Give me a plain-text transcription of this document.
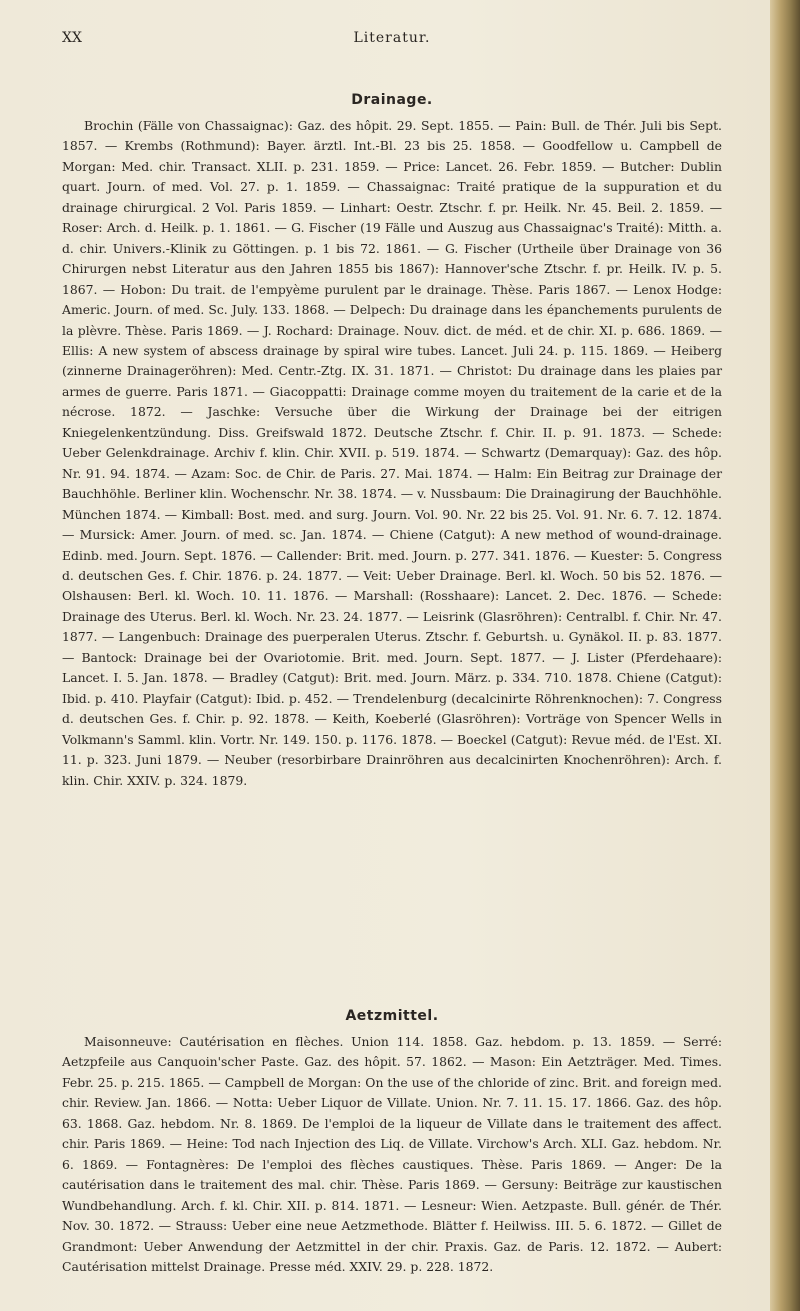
XX	Literatur.
Drainage.

Brochin (Fälle von Chassaignac): Gaz. des hôpit. 29. Sept. 1855. — Pain: Bull. de Thér. Juli bis Sept. 1857. — Krembs (Rothmund): Bayer. ärztl. Int.-Bl. 23 bis 25. 1858. — Goodfellow u. Campbell de Morgan: Med. chir. Transact. XLII. p. 231. 1859. — Price: Lancet. 26. Febr. 1859. — Butcher: Dublin quart. Journ. of med. Vol. 27. p. 1. 1859. — Chassaignac: Traité pratique de la suppuration et du drainage chirurgical. 2 Vol. Paris 1859. — Linhart: Oestr. Ztschr. f. pr. Heilk. Nr. 45. Beil. 2. 1859. — Roser: Arch. d. Heilk. p. 1. 1861. — G. Fischer (19 Fälle und Auszug aus Chassaignac's Traité): Mitth. a. d. chir. Univers.-Klinik zu Göttingen. p. 1 bis 72. 1861. — G. Fischer (Urtheile über Drainage von 36 Chirurgen nebst Literatur aus den Jahren 1855 bis 1867): Hannover'sche Ztschr. f. pr. Heilk. IV. p. 5. 1867. — Hobon: Du trait. de l'empyème purulent par le drainage. Thèse. Paris 1867. — Lenox Hodge: Americ. Journ. of med. Sc. July. 133. 1868. — Delpech: Du drainage dans les épanchements purulents de la plèvre. Thèse. Paris 1869. — J. Rochard: Drainage. Nouv. dict. de méd. et de chir. XI. p. 686. 1869. — Ellis: A new system of abscess drainage by spiral wire tubes. Lancet. Juli 24. p. 115. 1869. — Heiberg (zinnerne Drainageröhren): Med. Centr.-Ztg. IX. 31. 1871. — Christot: Du drainage dans les plaies par armes de guerre. Paris 1871. — Giacoppatti: Drainage comme moyen du traitement de la carie et de la nécrose. 1872. — Jaschke: Versuche über die Wirkung der Drainage bei der eitrigen Kniegelenkentzündung. Diss. Greifswald 1872. Deutsche Ztschr. f. Chir. II. p. 91. 1873. — Schede: Ueber Gelenkdrainage. Archiv f. klin. Chir. XVII. p. 519. 1874. — Schwartz (Demarquay): Gaz. des hôp. Nr. 91. 94. 1874. — Azam: Soc. de Chir. de Paris. 27. Mai. 1874. — Halm: Ein Beitrag zur Drainage der Bauchhöhle. Berliner klin. Wochenschr. Nr. 38. 1874. — v. Nussbaum: Die Drainagirung der Bauchhöhle. München 1874. — Kimball: Bost. med. and surg. Journ. Vol. 90. Nr. 22 bis 25. Vol. 91. Nr. 6. 7. 12. 1874. — Mursick: Amer. Journ. of med. sc. Jan. 1874. — Chiene (Catgut): A new method of wound-drainage. Edinb. med. Journ. Sept. 1876. — Callender: Brit. med. Journ. p. 277. 341. 1876. — Kuester: 5. Congress d. deutschen Ges. f. Chir. 1876. p. 24. 1877. — Veit: Ueber Drainage. Berl. kl. Woch. 50 bis 52. 1876. — Olshausen: Berl. kl. Woch. 10. 11. 1876. — Marshall: (Rosshaare): Lancet. 2. Dec. 1876. — Schede: Drainage des Uterus. Berl. kl. Woch. Nr. 23. 24. 1877. — Leisrink (Glasröhren): Centralbl. f. Chir. Nr. 47. 1877. — Langenbuch: Drainage des puerperalen Uterus. Ztschr. f. Geburtsh. u. Gynäkol. II. p. 83. 1877. — Bantock: Drainage bei der Ovariotomie. Brit. med. Journ. Sept. 1877. — J. Lister (Pferdehaare): Lancet. I. 5. Jan. 1878. — Bradley (Catgut): Brit. med. Journ. März. p. 334. 710. 1878. Chiene (Catgut): Ibid. p. 410. Playfair (Catgut): Ibid. p. 452. — Trendelenburg (decalcinirte Röhrenknochen): 7. Congress d. deutschen Ges. f. Chir. p. 92. 1878. — Keith, Koeberlé (Glasröhren): Vorträge von Spencer Wells in Volkmann's Samml. klin. Vortr. Nr. 149. 150. p. 1176. 1878. — Boeckel (Catgut): Revue méd. de l'Est. XI. 11. p. 323. Juni 1879. — Neuber (resorbirbare Drainröhren aus decalcinirten Knochenröhren): Arch. f. klin. Chir. XXIV. p. 324. 1879.

Aetzmittel.

Maisonneuve: Cautérisation en flèches. Union 114. 1858. Gaz. hebdom. p. 13. 1859. — Serré: Aetzpfeile aus Canquoin'scher Paste. Gaz. des hôpit. 57. 1862. — Mason: Ein Aetzträger. Med. Times. Febr. 25. p. 215. 1865. — Campbell de Morgan: On the use of the chloride of zinc. Brit. and foreign med. chir. Review. Jan. 1866. — Notta: Ueber Liquor de Villate. Union. Nr. 7. 11. 15. 17. 1866. Gaz. des hôp. 63. 1868. Gaz. hebdom. Nr. 8. 1869. De l'emploi de la liqueur de Villate dans le traitement des affect. chir. Paris 1869. — Heine: Tod nach Injection des Liq. de Villate. Virchow's Arch. XLI. Gaz. hebdom. Nr. 6. 1869. — Fontagnères: De l'emploi des flèches caustiques. Thèse. Paris 1869. — Anger: De la cautérisation dans le traitement des mal. chir. Thèse. Paris 1869. — Gersuny: Beiträge zur kaustischen Wundbehandlung. Arch. f. kl. Chir. XII. p. 814. 1871. — Lesneur: Wien. Aetzpaste. Bull. génér. de Thér. Nov. 30. 1872. — Strauss: Ueber eine neue Aetzmethode. Blätter f. Heilwiss. III. 5. 6. 1872. — Gillet de Grandmont: Ueber Anwendung der Aetzmittel in der chir. Praxis. Gaz. de Paris. 12. 1872. — Aubert: Cautérisation mittelst Drainage. Presse méd. XXIV. 29. p. 228. 1872.
